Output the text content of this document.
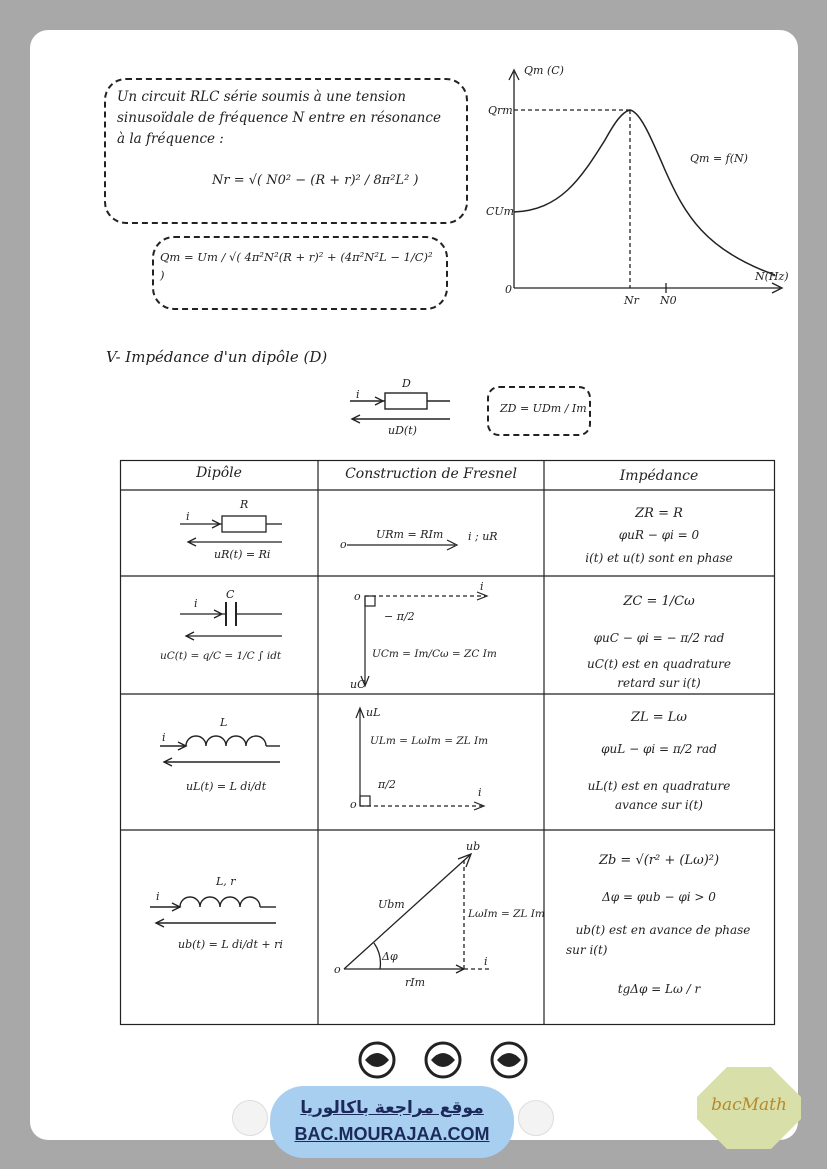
Un circuit RLC série soumis à une tension
sinusoïdale de fréquence N entre en résonance
à la fréquence :
Nr = √( N0² − (R + r)² / 8π²L² )
Qm = Um / √( 4π²N²(R + r)² + (4π²N²L − 1/C)² )
Qm (C)
Qrm
CUm
Qm = f(N)
N(Hz)
0
Nr N0
V- Impédance d'un dipôle (D)
D
i
uD(t)
ZD = UDm / Im
Dipôle	Construction de Fresnel	Impédance
R
i
uR(t) = Ri
o
URm = RIm i ; uR
ZR = R
φuR − φi = 0
i(t) et u(t) sont en phase
C
i
uC(t) = q/C = 1/C ∫ idt
o
i
− π/2
UCm = Im/Cω = ZC Im
uC
ZC = 1/Cω
φuC − φi = − π/2 rad
uC(t) est en quadrature
retard sur i(t)
L
i
uL(t) = L di/dt
uL
ULm = LωIm = ZL Im
π/2
o
i
ZL = Lω
φuL − φi = π/2 rad
uL(t) est en quadrature
avance sur i(t)
L, r
i
ub(t) = L di/dt + ri
ub
Ubm
LωIm = ZL Im
Δφ
o
i
rIm
Zb = √(r² + (Lω)²)
Δφ = φub − φi > 0
ub(t) est en avance de phase
sur i(t)
tgΔφ = Lω / r
موقع مراجعة باكالوريا
BAC.MOURAJAA.COM
bacMath
